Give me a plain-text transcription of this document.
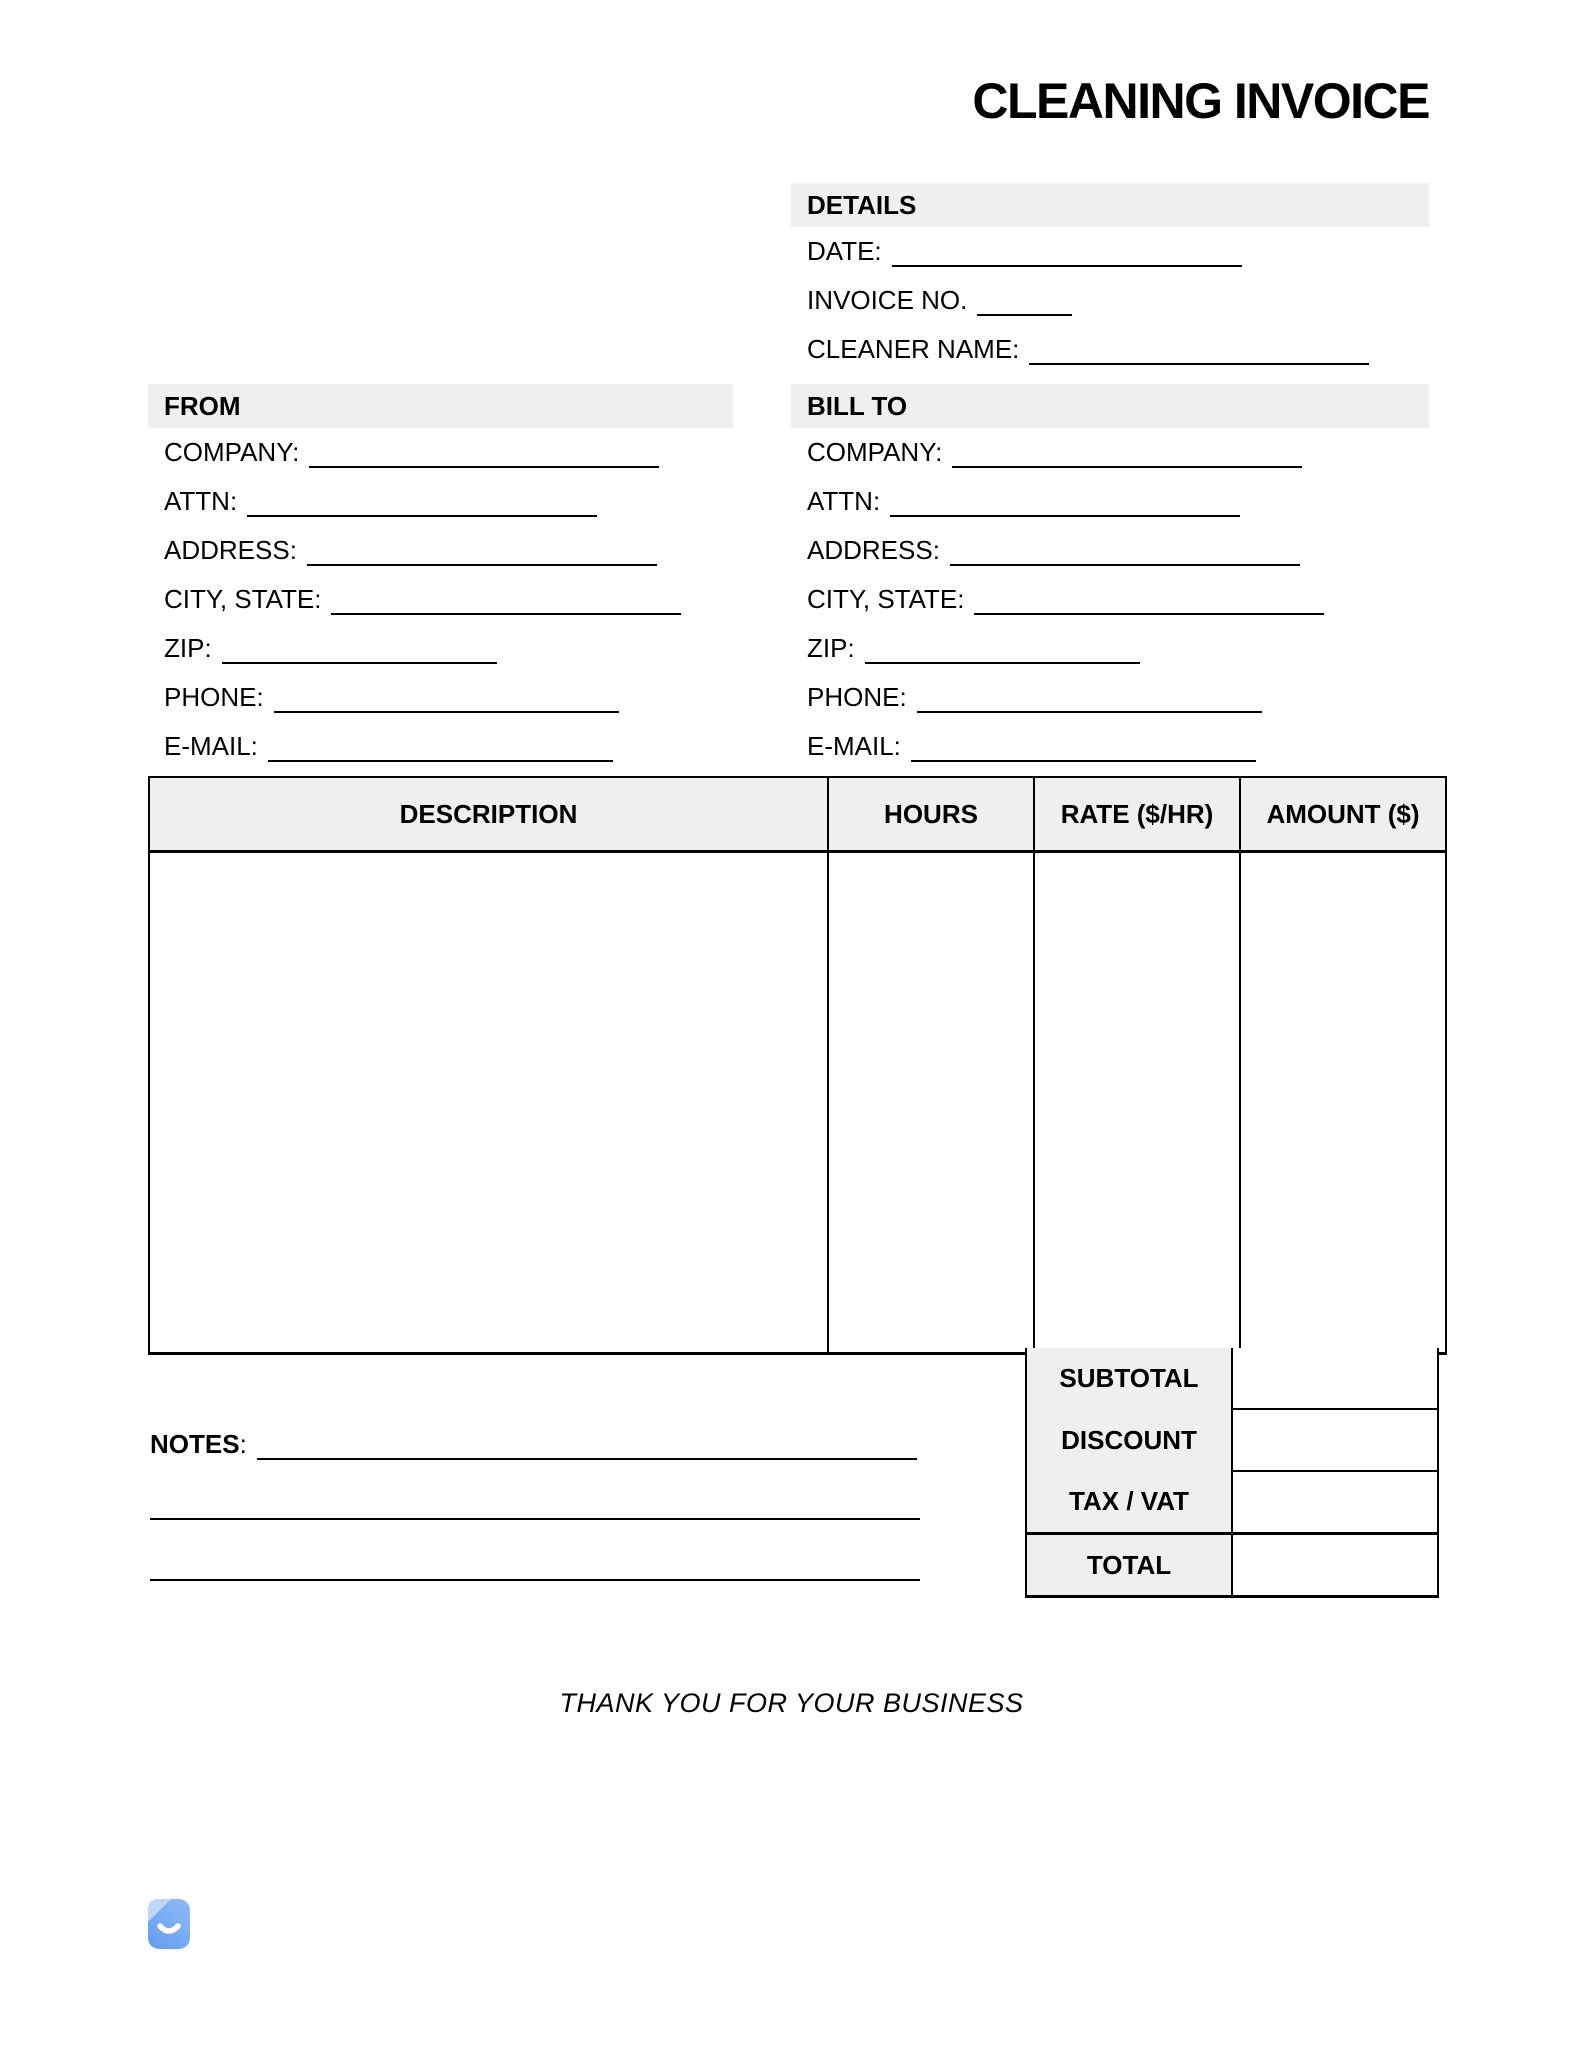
CLEANING INVOICE
DETAILS
DATE:
INVOICE NO.
CLEANER NAME:
FROM
COMPANY:
ATTN:
ADDRESS:
CITY, STATE:
ZIP:
PHONE:
E-MAIL:
BILL TO
COMPANY:
ATTN:
ADDRESS:
CITY, STATE:
ZIP:
PHONE:
E-MAIL:
DESCRIPTION	HOURS	RATE ($/HR)	AMOUNT ($)

SUBTOTAL	
DISCOUNT	
TAX / VAT	
TOTAL	
NOTES:
THANK YOU FOR YOUR BUSINESS
